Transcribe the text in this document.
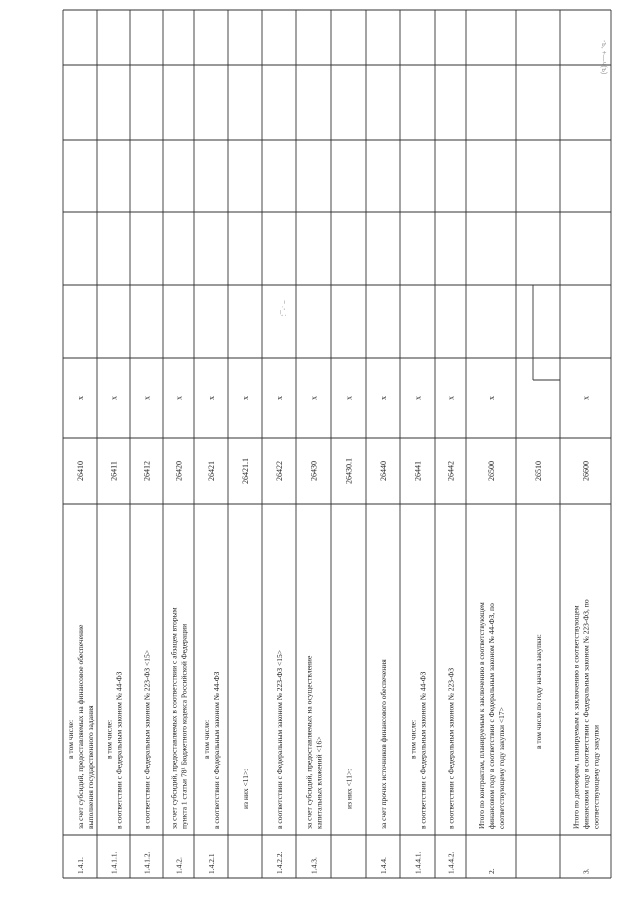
-ъ, +—ч(ъ)
~ .-_;
1.4.1.
в том числе: за счет субсидий, предоставляемых на финансовое обеспечение выполнения государственного задания
26410
x
1.4.1.1.
в том числе: в соответствии с Федеральным законом № 44-ФЗ
26411
x
1.4.1.2.
в соответствии с Федеральным законом № 223-ФЗ <15>
26412
x
1.4.2.
за счет субсидий, предоставляемых в соответствии с абзацем вторым пункта 1 статьи 78¹ Бюджетного кодекса Российской Федерации
26420
x
1.4.2.1
в том числе: в соответствии с Федеральным законом № 44-ФЗ
26421
x
из них <11>:
26421.1
x
1.4.2.2.
в соответствии с Федеральным законом № 223-ФЗ <15>
26422
x
1.4.3.
за счет субсидий, предоставляемых на осуществление капитальных вложений <16>
26430
x
из них <11>:
26430.1
x
1.4.4.
за счет прочих источников финансового обеспечения
26440
x
1.4.4.1.
в том числе: в соответствии с Федеральным законом № 44-ФЗ
26441
x
1.4.4.2.
в соответствии с Федеральным законом № 223-ФЗ
26442
x
2.
Итого по контрактам, планируемым к заключению в соответствующем финансовом году в соответствии с Федеральным законом № 44-ФЗ, по соответствующему году закупки <17>
26500
x
в том числе по году начала закупки:
26510
3.
Итого по договорам, планируемым к заключению в соответствующем финансовом году в соответствии с Федеральным законом № 223-ФЗ, по соответствующему году закупки
26600
x
